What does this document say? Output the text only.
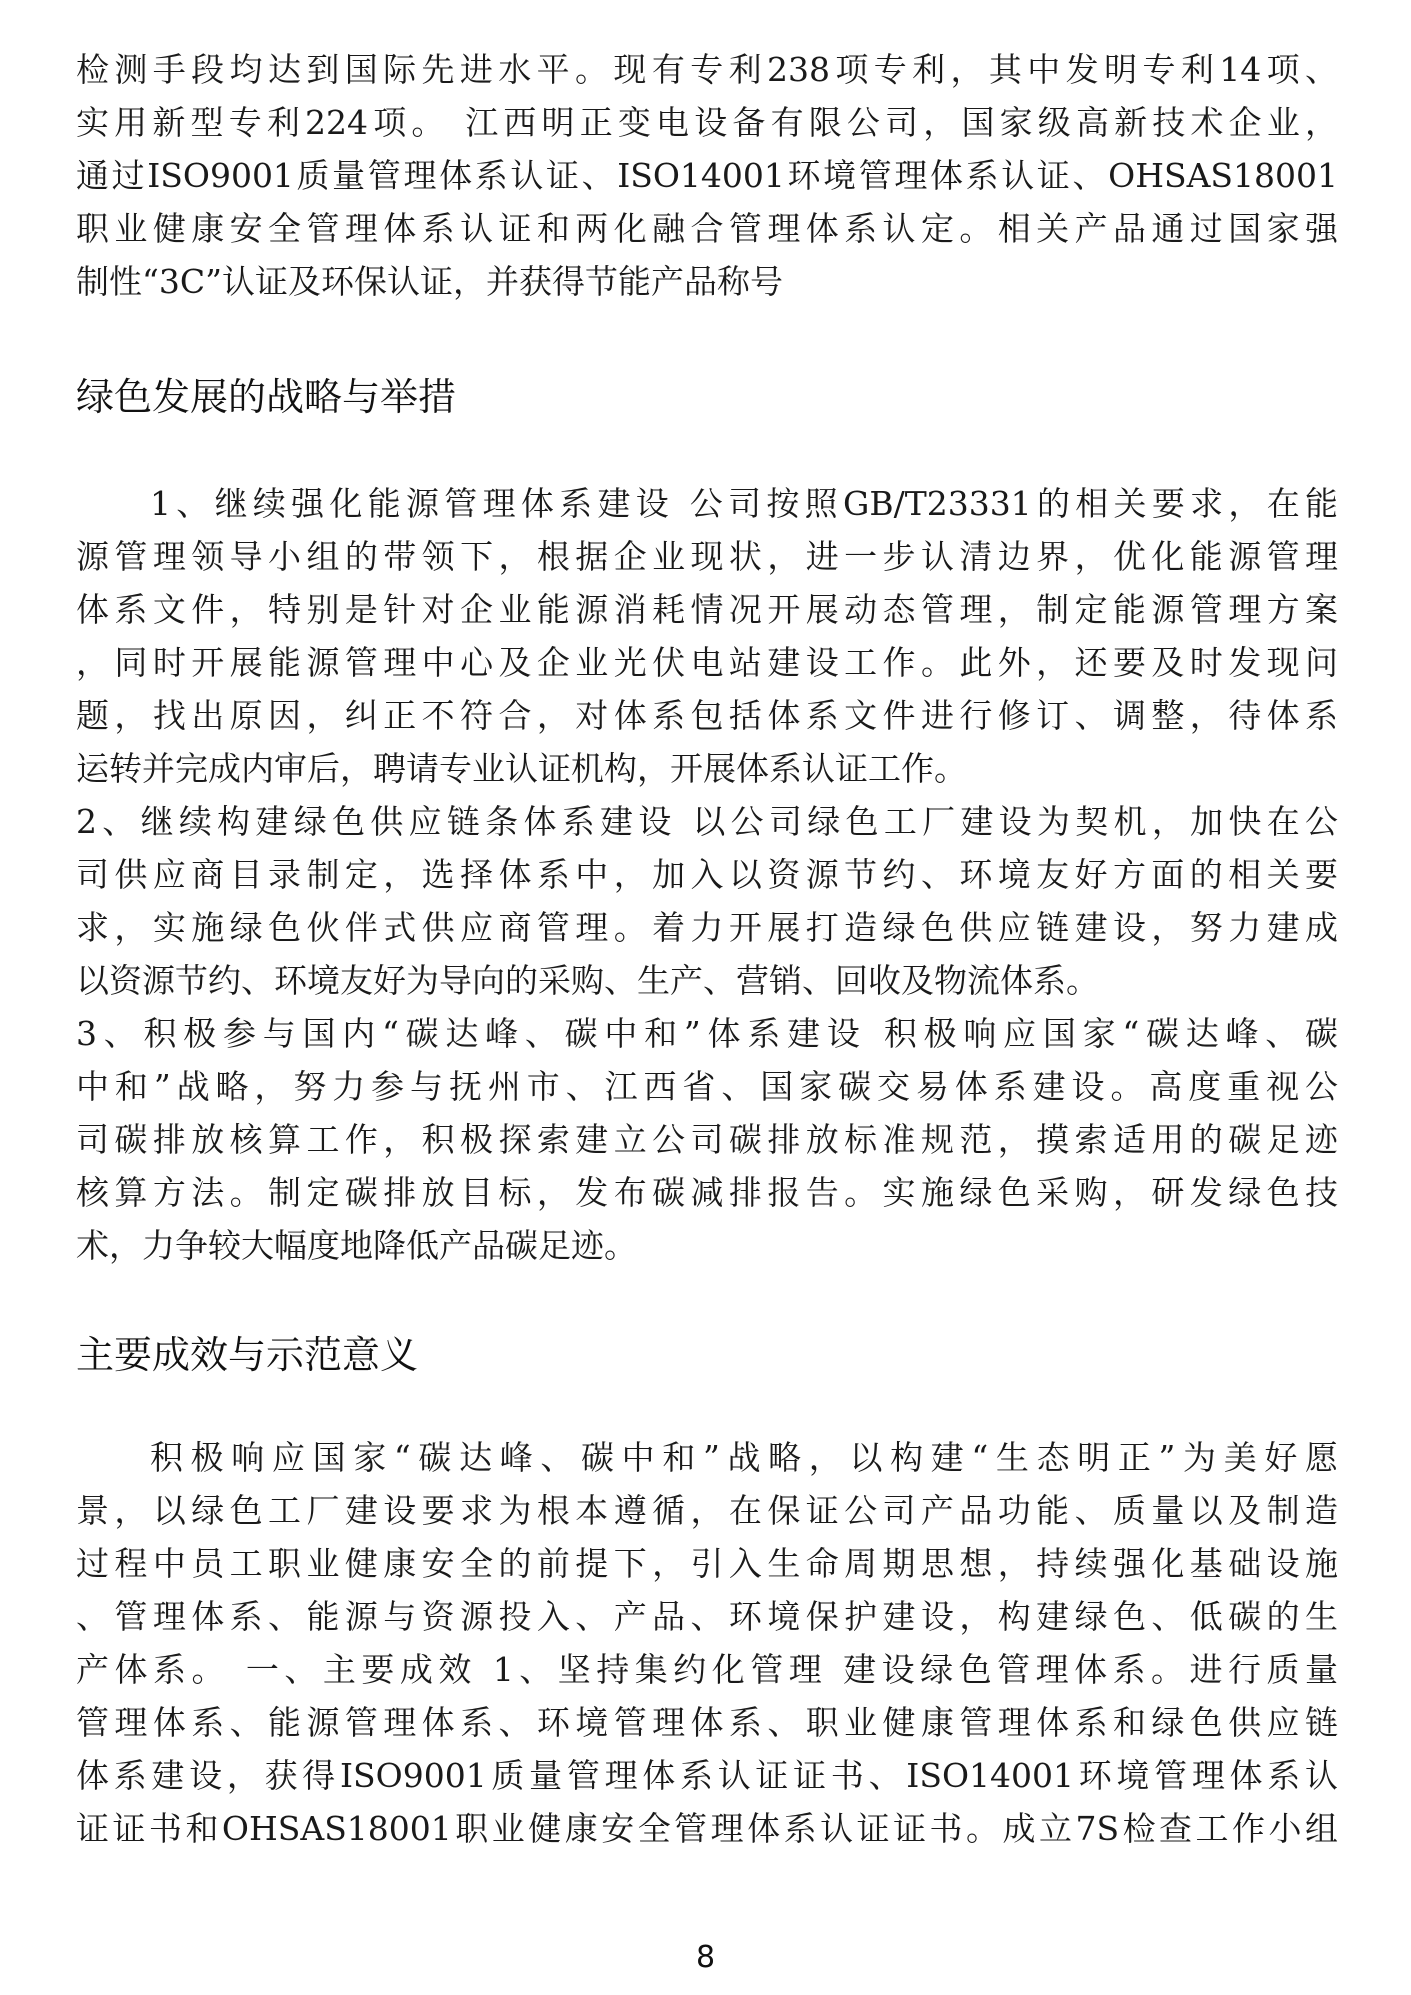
检测手段均达到国际先进水平。现有专利238项专利，其中发明专利14项、

实用新型专利224项。 江西明正变电设备有限公司，国家级高新技术企业，

通过ISO9001质量管理体系认证、ISO14001环境管理体系认证、OHSAS18001

职业健康安全管理体系认证和两化融合管理体系认定。相关产品通过国家强

制性“3C”认证及环保认证，并获得节能产品称号

绿色发展的战略与举措

1、继续强化能源管理体系建设 公司按照GB/T23331的相关要求，在能

源管理领导小组的带领下，根据企业现状，进一步认清边界，优化能源管理

体系文件，特别是针对企业能源消耗情况开展动态管理，制定能源管理方案

，同时开展能源管理中心及企业光伏电站建设工作。此外，还要及时发现问

题，找出原因，纠正不符合，对体系包括体系文件进行修订、调整，待体系

运转并完成内审后，聘请专业认证机构，开展体系认证工作。

2、继续构建绿色供应链条体系建设 以公司绿色工厂建设为契机，加快在公

司供应商目录制定，选择体系中，加入以资源节约、环境友好方面的相关要

求，实施绿色伙伴式供应商管理。着力开展打造绿色供应链建设，努力建成

以资源节约、环境友好为导向的采购、生产、营销、回收及物流体系。

3、积极参与国内“碳达峰、碳中和”体系建设 积极响应国家“碳达峰、碳

中和”战略，努力参与抚州市、江西省、国家碳交易体系建设。高度重视公

司碳排放核算工作，积极探索建立公司碳排放标准规范，摸索适用的碳足迹

核算方法。制定碳排放目标，发布碳减排报告。实施绿色采购，研发绿色技

术，力争较大幅度地降低产品碳足迹。

主要成效与示范意义

积极响应国家“碳达峰、碳中和”战略，以构建“生态明正”为美好愿

景，以绿色工厂建设要求为根本遵循，在保证公司产品功能、质量以及制造

过程中员工职业健康安全的前提下，引入生命周期思想，持续强化基础设施

、管理体系、能源与资源投入、产品、环境保护建设，构建绿色、低碳的生

产体系。 一、主要成效 1、坚持集约化管理 建设绿色管理体系。进行质量

管理体系、能源管理体系、环境管理体系、职业健康管理体系和绿色供应链

体系建设，获得ISO9001质量管理体系认证证书、ISO14001环境管理体系认

证证书和OHSAS18001职业健康安全管理体系认证证书。成立7S检查工作小组

8
